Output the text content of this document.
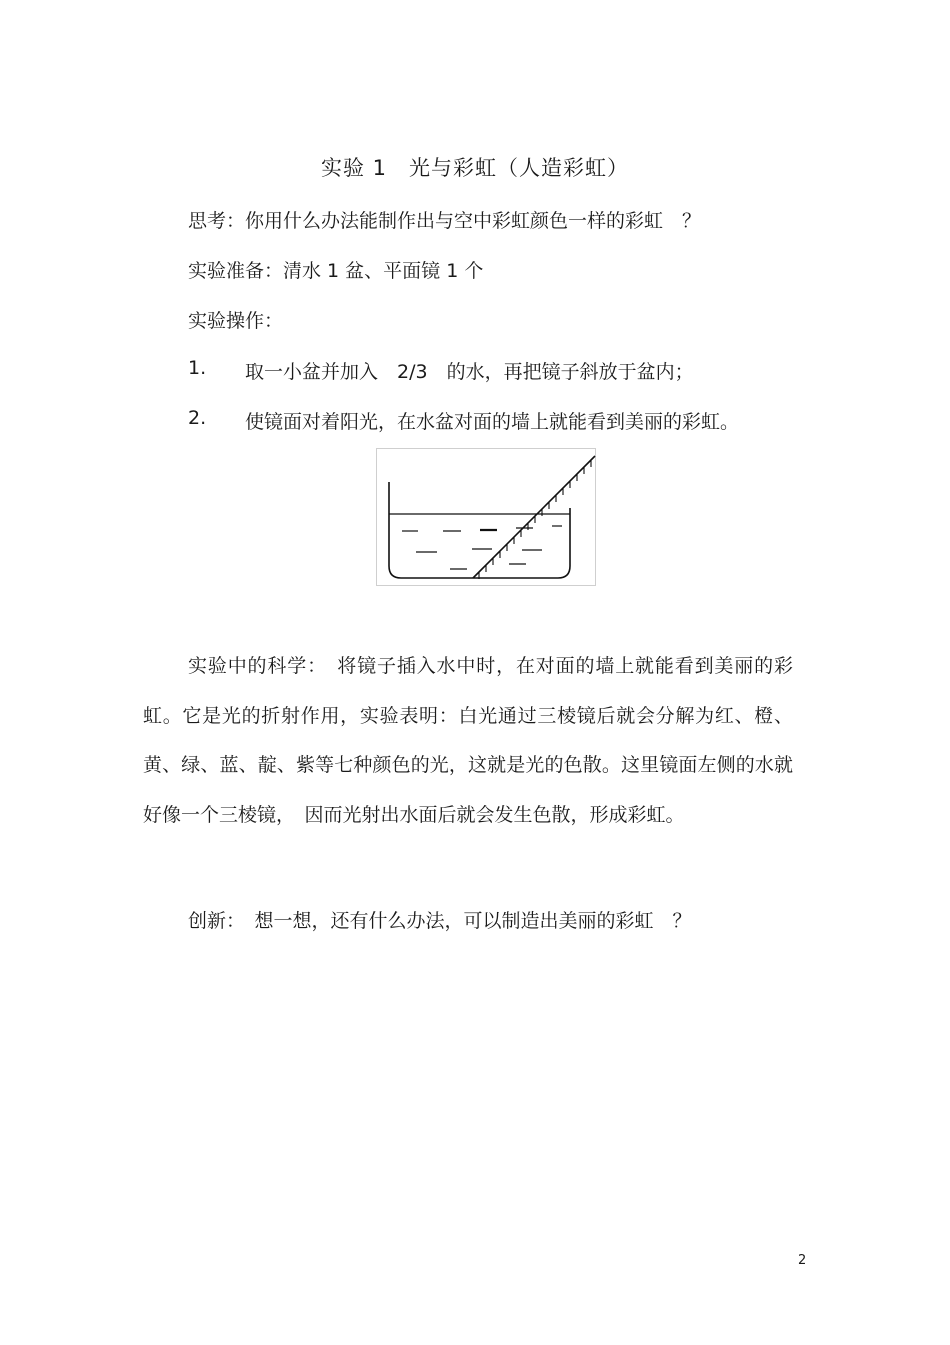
实验 1　光与彩虹（人造彩虹）
思考：你用什么办法能制作出与空中彩虹颜色一样的彩虹　？
实验准备：清水 1 盆、平面镜 1 个
实验操作：
1. 取一小盆并加入　2/3　的水，再把镜子斜放于盆内；
2. 使镜面对着阳光，在水盆对面的墙上就能看到美丽的彩虹。
实验中的科学：　将镜子插入水中时，在对面的墙上就能看到美丽的彩虹。它是光的折射作用，实验表明：白光通过三棱镜后就会分解为红、橙、黄、绿、蓝、靛、紫等七种颜色的光，这就是光的色散。这里镜面左侧的水就好像一个三棱镜，　因而光射出水面后就会发生色散，形成彩虹。
创新：　想一想，还有什么办法，可以制造出美丽的彩虹　？
2
